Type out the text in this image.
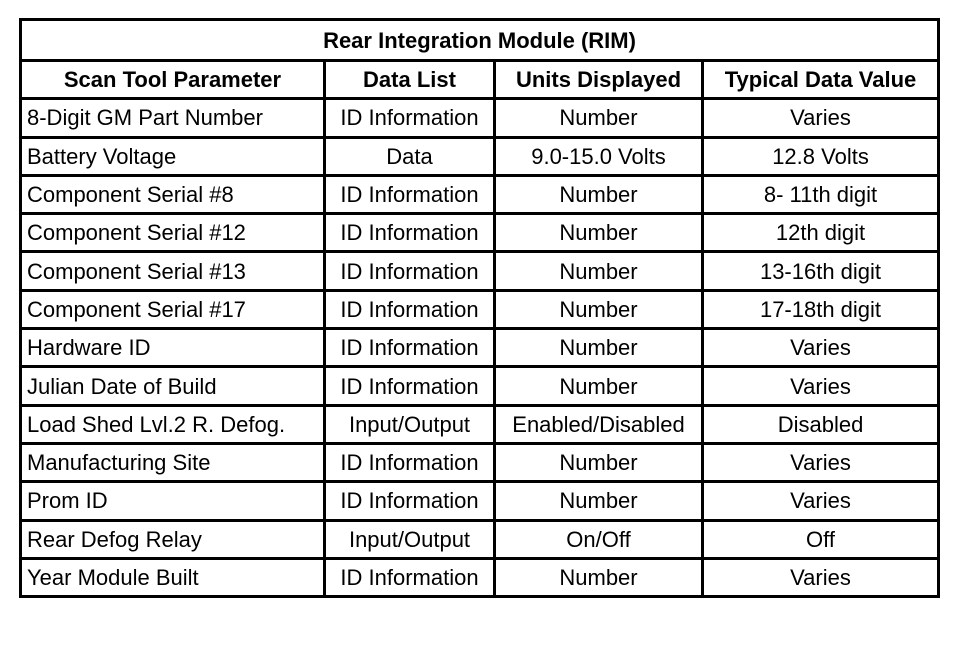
Rear Integration Module (RIM)			
Scan Tool Parameter	Data List	Units Displayed	Typical Data Value
8-Digit GM Part Number	ID Information	Number	Varies
Battery Voltage	Data	9.0-15.0 Volts	12.8 Volts
Component Serial #8	ID Information	Number	8- 11th digit
Component Serial #12	ID Information	Number	12th digit
Component Serial #13	ID Information	Number	13-16th digit
Component Serial #17	ID Information	Number	17-18th digit
Hardware ID	ID Information	Number	Varies
Julian Date of Build	ID Information	Number	Varies
Load Shed Lvl.2 R. Defog.	Input/Output	Enabled/Disabled	Disabled
Manufacturing Site	ID Information	Number	Varies
Prom ID	ID Information	Number	Varies
Rear Defog Relay	Input/Output	On/Off	Off
Year Module Built	ID Information	Number	Varies
